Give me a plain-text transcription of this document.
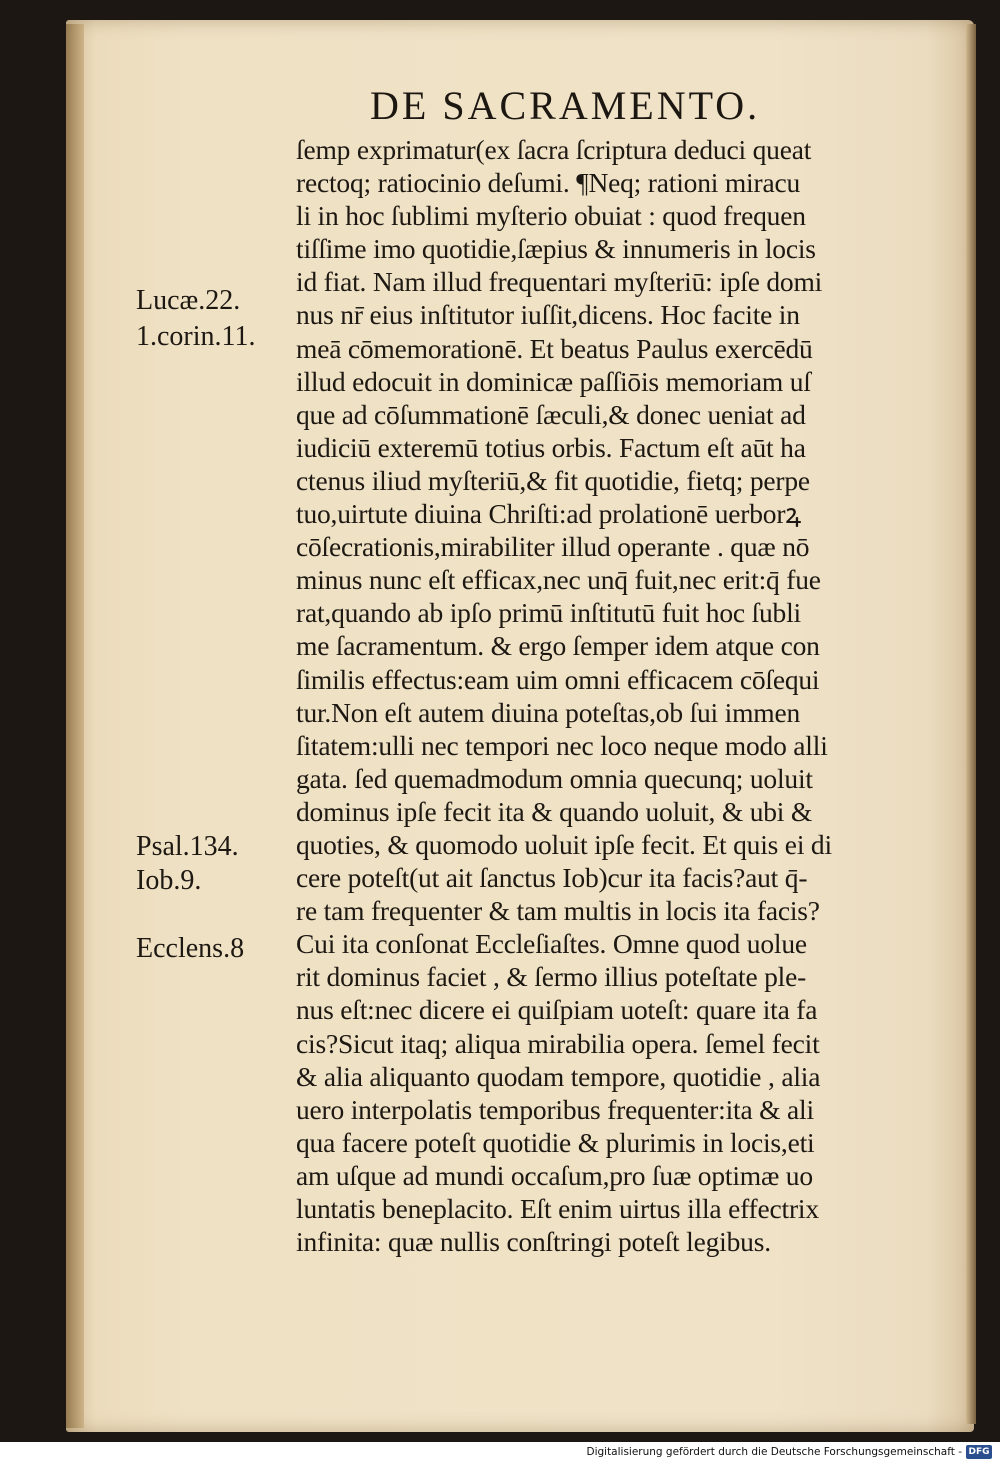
DE SACRAMENTO.
Lucæ.22.
1.corin.11.
Psal.134.
Iob.9.
Ecclens.8
ſemp exprimatur(ex ſacra ſcriptura deduci queat
rectoq; ratiocinio deſumi. ¶Neq; rationi miracu
li in hoc ſublimi myſterio obuiat : quod frequen
tiſſime imo quotidie,ſæpius & innumeris in locis
id fiat. Nam illud frequentari myſteriū: ipſe domi
nus nr̄ eius inſtitutor iuſſit,dicens. Hoc facite in
meā cōmemorationē. Et beatus Paulus exercēdū
illud edocuit in dominicæ paſſiōis memoriam uſ
que ad cōſummationē ſæculi,& donec ueniat ad
iudiciū exteremū totius orbis. Factum eſt aūt ha
ctenus iliud myſteriū,& fit quotidie, fietq; perpe
tuo,uirtute diuina Chriſti:ad prolationē uerborꝝ
cōſecrationis,mirabiliter illud operante . quæ nō
minus nunc eſt efficax,nec unq̄ fuit,nec erit:q̄ fue
rat,quando ab ipſo primū inſtitutū fuit hoc ſubli
me ſacramentum. & ergo ſemper idem atque con
ſimilis effectus:eam uim omni efficacem cōſequi
tur.Non eſt autem diuina poteſtas,ob ſui immen
ſitatem:ulli nec tempori nec loco neque modo alli
gata. ſed quemadmodum omnia quecunq; uoluit
dominus ipſe fecit ita & quando uoluit, & ubi &
quoties, & quomodo uoluit ipſe fecit. Et quis ei di
cere poteſt(ut ait ſanctus Iob)cur ita facis?aut q̄-
re tam frequenter & tam multis in locis ita facis?
Cui ita conſonat Eccleſiaſtes. Omne quod uolue
rit dominus faciet , & ſermo illius poteſtate ple-
nus eſt:nec dicere ei quiſpiam uoteſt: quare ita fa
cis?Sicut itaq; aliqua mirabilia opera. ſemel fecit
& alia aliquanto quodam tempore, quotidie , alia
uero interpolatis temporibus frequenter:ita & ali
qua facere poteſt quotidie & plurimis in locis,eti
am uſque ad mundi occaſum,pro ſuæ optimæ uo
luntatis beneplacito. Eſt enim uirtus illa effectrix
infinita: quæ nullis conſtringi poteſt legibus.
Digitalisierung gefördert durch die Deutsche Forschungsgemeinschaft - DFG
